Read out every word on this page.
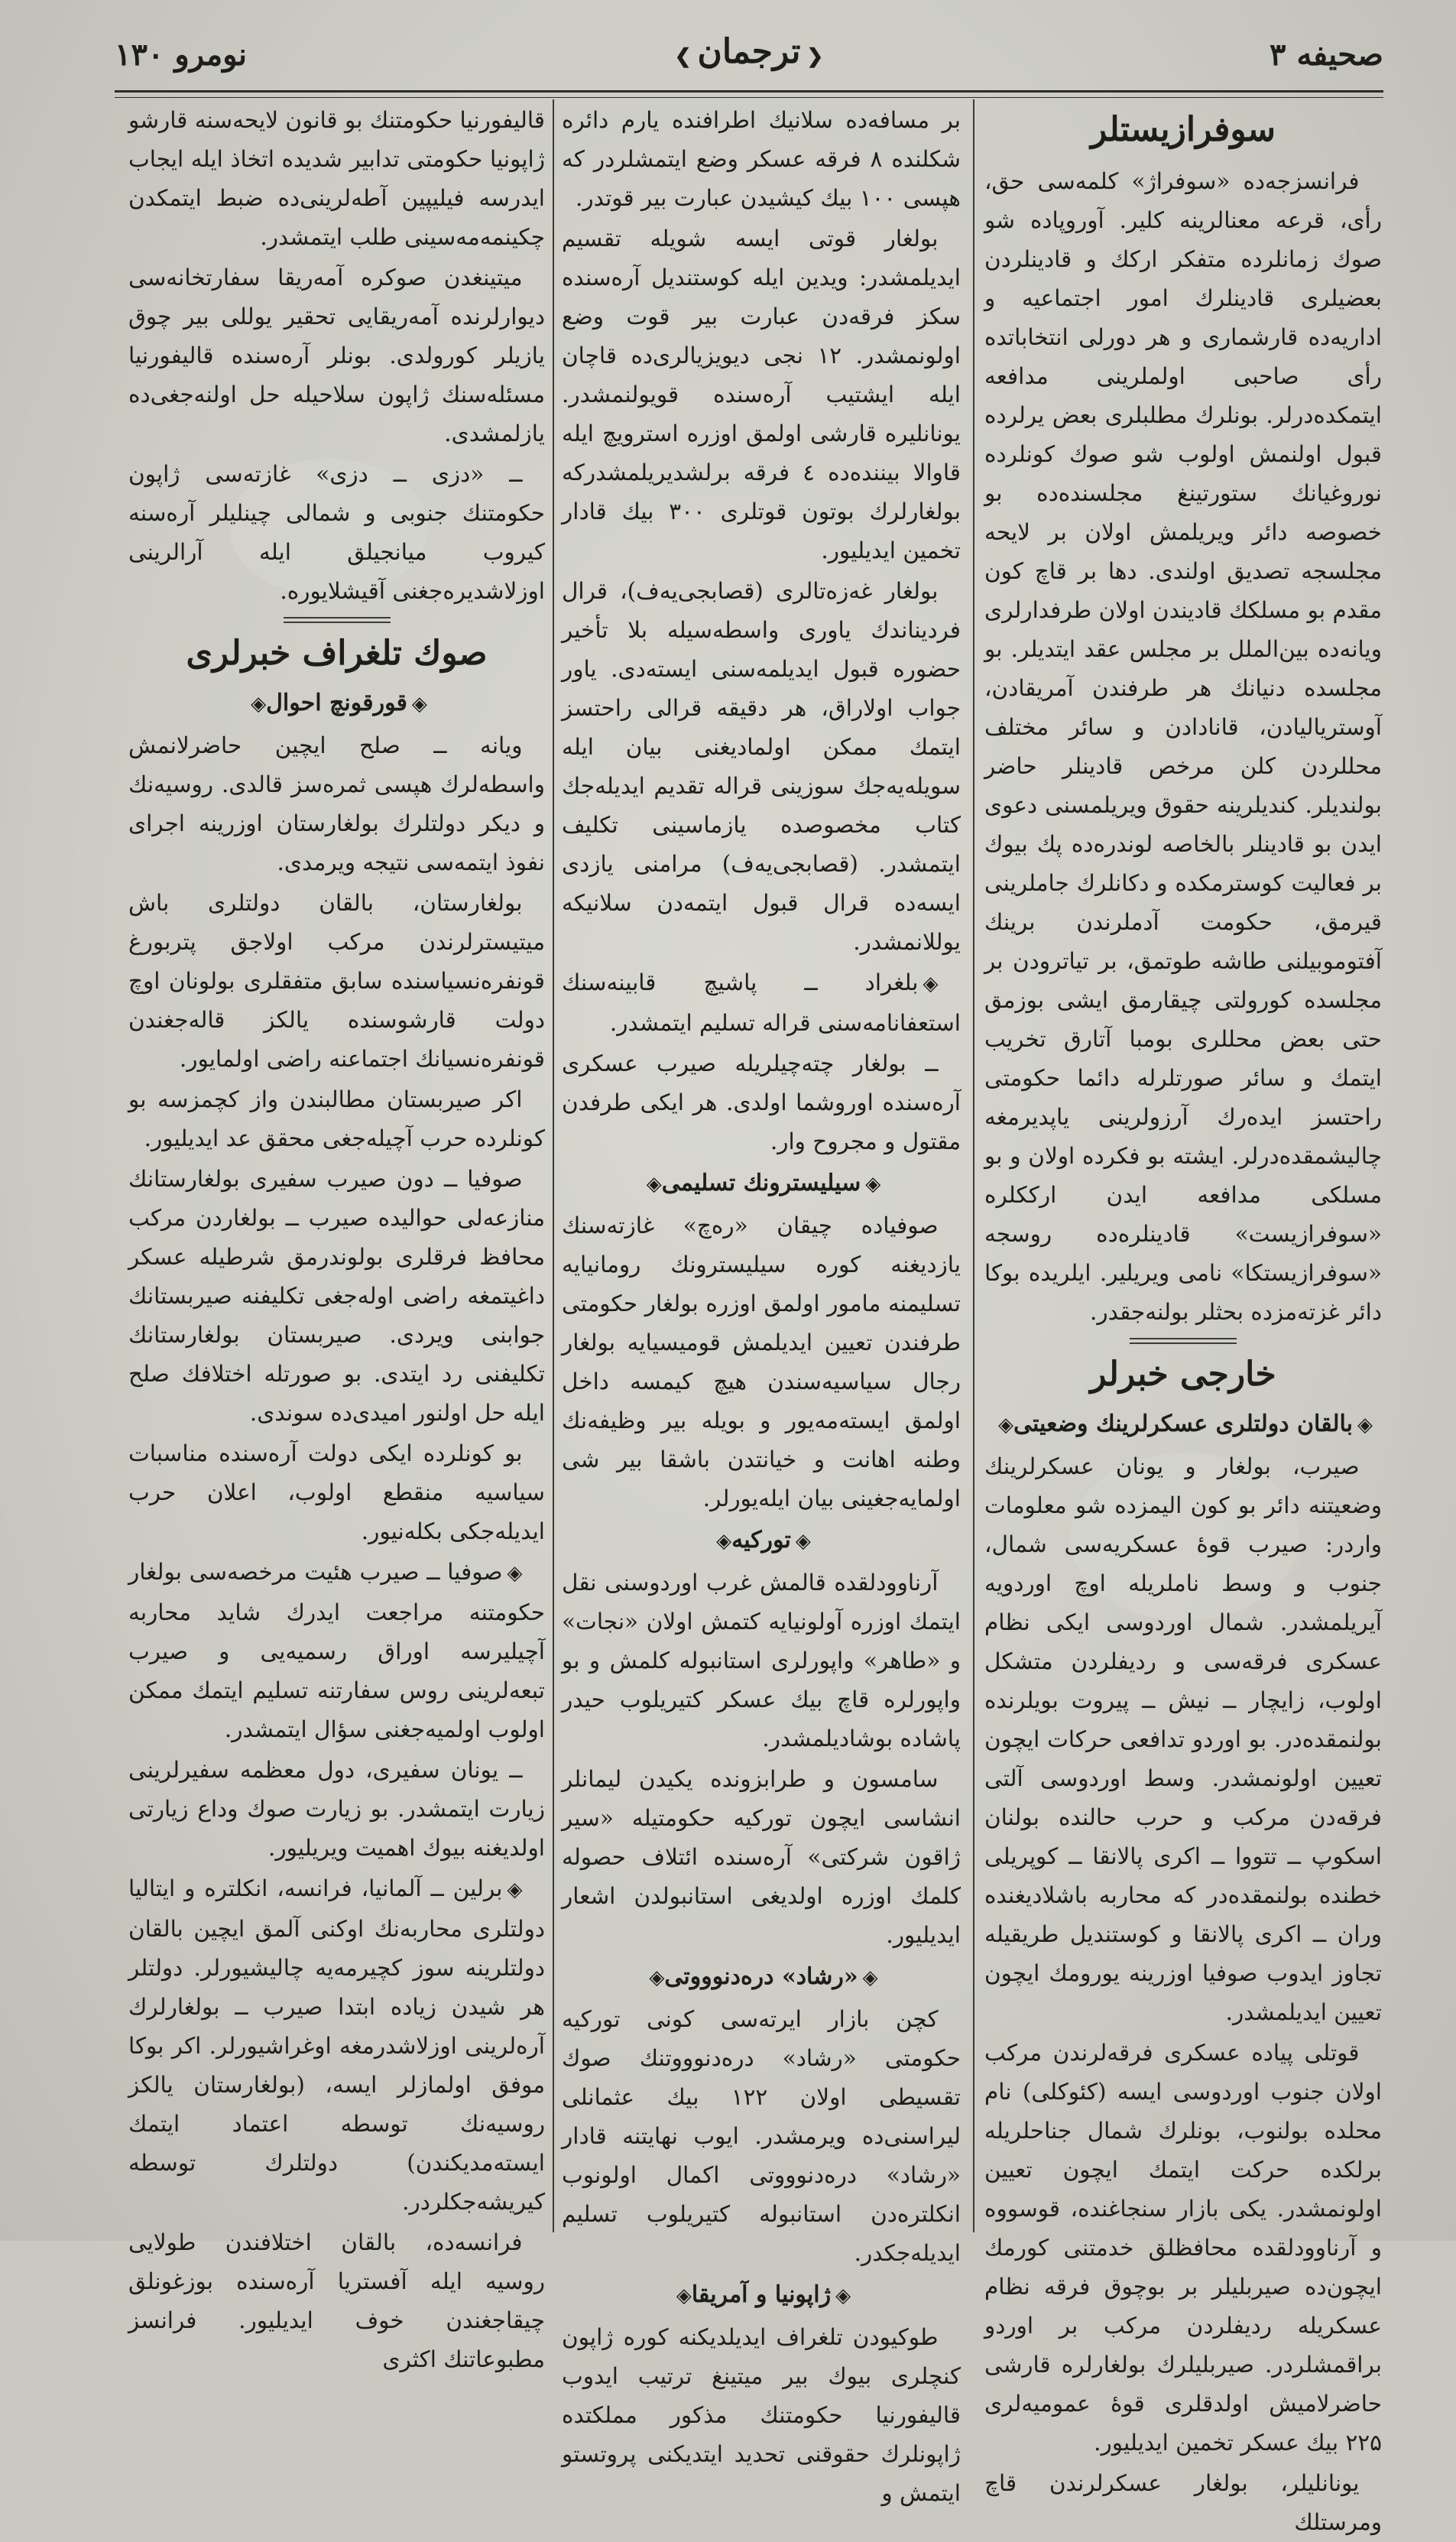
صحیفه ۳
❮ترجمان❯
نومرو ۱۳۰
سوفرازیستلر

فرانسزجه‌ده «سوفراژ» کلمه‌سی حق، رأی، قرعه معنالرینه کلیر. آوروپاده شو صوك زمانلرده متفکر ارکك و قادینلردن بعضیلری قادینلرك امور اجتماعیه و اداریه‌ده قارشماری و هر دورلی انتخاباتده رأی صاحبی اولملرینی مدافعه ایتمکده‌درلر. بونلرك مطلبلری بعض یرلرده قبول اولنمش اولوب شو صوك کونلرده نوروغیانك ستورتینغ مجلسنده‌ده بو خصوصه دائر ویریلمش اولان بر لایحه مجلسجه تصدیق اولندی. دها بر قاچ کون مقدم بو مسلکك قادیندن اولان طرفدارلری ویانه‌ده بین‌الملل بر مجلس عقد ایتدیلر. بو مجلسده دنیانك هر طرفندن آمریقادن، آوستریالیادن، قانادادن و سائر مختلف محللردن کلن مرخص قادینلر حاضر بولندیلر. کندیلرینه حقوق ویریلمسنی دعوی ایدن بو قادینلر بالخاصه لوندره‌ده پك بیوك بر فعالیت کوسترمکده و دکانلرك جاملرینی قیرمق، حکومت آدملرندن برینك آفتوموبیلنی طاشه طوتمق، بر تیاترودن بر مجلسده کورولتی چیقارمق ایشی بوزمق حتی بعض محللری بومبا آتارق تخریب ایتمك و سائر صورتلرله دائما حکومتی راحتسز ایده‌رك آرزولرینی یاپدیرمغه چالیشمقده‌درلر. ایشته بو فکرده اولان و بو مسلکی مدافعه ایدن ارککلره «سوفرازیست» قادینلره‌ده روسجه «سوفرازیستکا» نامی ویریلیر. ایلریده بوکا دائر غزته‌مزده بحثلر بولنه‌جقدر.

خارجی خبرلر
◈بالقان دولتلری عسکرلرینك وضعیتی◈

صیرب، بولغار و یونان عسکرلرینك وضعیتنه دائر بو کون الیمزده شو معلومات واردر: صیرب قوۀ عسکریه‌سی شمال، جنوب و وسط ناملریله اوچ اوردویه آیریلمشدر. شمال اوردوسی ایکی نظام عسکری فرقه‌سی و ردیفلردن متشکل اولوب، زایچار ــ نیش ــ پیروت بویلرنده بولنمقده‌در. بو اوردو تدافعی حرکات ایچون تعیین اولونمشدر. وسط اوردوسی آلتی فرقه‌دن مرکب و حرب حالنده بولنان اسکوپ ــ تتووا ــ اکری پالانقا ــ کوپریلی خطنده بولنمقده‌در که محاربه باشلادیغنده وران ــ اکری پالانقا و کوستندیل طریقیله تجاوز ایدوب صوفیا اوزرینه یورومك ایچون تعیین ایدیلمشدر.

قوتلی پیاده عسکری فرقه‌لرندن مرکب اولان جنوب اوردوسی ایسه (کئوکلی) نام محلده بولنوب، بونلرك شمال جناحلریله برلکده حرکت ایتمك ایچون تعیین اولونمشدر. یکی بازار سنجاغنده، قوسووه و آرناوودلقده محافظلق خدمتنی کورمك ایچون‌ده صیربلیلر بر بوچوق فرقه نظام عسکریله ردیفلردن مرکب بر اوردو براقمشلردر. صیربلیلرك بولغارلره قارشی حاضرلامیش اولدقلری قوۀ عمومیه‌لری ۲۲۵ بیك عسکر تخمین ایدیلیور.

یونانلیلر، بولغار عسکرلرندن قاچ ومرستلك

بر مسافه‌ده سلانیك اطرافنده یارم دائره شکلنده ۸ فرقه عسکر وضع ایتمشلردر که هپسی ۱۰۰ بیك کیشیدن عبارت بیر قوتدر.

بولغار قوتی ایسه شویله تقسیم ایدیلمشدر: ویدین ایله کوستندیل آره‌سنده سکز فرقه‌دن عبارت بیر قوت وضع اولونمشدر. ۱۲ نجی دیویزیالری‌ده قاچان ایله ایشتیب آره‌سنده قویولنمشدر. یونانلیره قارشی اولمق اوزره استرویچ ایله قاوالا بیننده‌ده ٤ فرقه برلشدیریلمشدرکه بولغارلرك بوتون قوتلری ۳۰۰ بیك قادار تخمین ایدیلیور.

بولغار غه‌زه‌‌تالری (قصابجی‌یه‌ف)، قرال فردیناندك یاوری واسطه‌سیله بلا تأخیر حضوره قبول ایدیلمه‌سنی ایسته‌دی. یاور جواب اولاراق، هر دقیقه قرالی راحتسز ایتمك ممکن اولمادیغنی بیان ایله سویله‌یه‌جك سوزینی قراله تقدیم ایدیله‌جك کتاب مخصوصده یازماسینی تکلیف ایتمشدر. (قصابجی‌یه‌ف) مرامنی یازدی ایسه‌ده قرال قبول ایتمه‌دن سلانیکه یوللانمشدر.

◈بلغراد ــ پاشیچ قابینه‌سنك استعفانامه‌سنی قراله تسلیم ایتمشدر.

ــ بولغار چته‌چیلریله صیرب عسکری آره‌سنده اوروشما اولدی. هر ایکی طرفدن مقتول و مجروح وار.

◈سیلیسترونك تسلیمی◈

صوفیاده چیقان «ره‌چ» غازته‌سنك یازدیغنه کوره سیلیسترونك رومانیایه تسلیمنه مامور اولمق اوزره بولغار حکومتی طرفندن تعیین ایدیلمش قومیسیایه بولغار رجال سیاسیه‌سندن هیچ کیمسه داخل اولمق ایسته‌مه‌یور و بویله بیر وظیفه‌نك وطنه اهانت و خیانتدن باشقا بیر شی اولمایه‌جغینی بیان ایله‌یورلر.

◈تورکیه◈

آرناوودلقده قالمش غرب اوردوسنی نقل ایتمك اوزره آولونیایه کتمش اولان «نجات» و «طاهر» واپورلری استانبوله کلمش و بو واپورلره قاچ بیك عسکر کتیریلوب حیدر پاشاده بوشادیلمشدر.

سامسون و طرابزونده یکیدن لیمانلر انشاسی ایچون تورکیه حکومتیله «سیر ژاقون شرکتی» آره‌سنده ائتلاف حصوله کلمك اوزره اولدیغی استانبولدن اشعار ایدیلیور.

◈«رشاد» دره‌دنوووتی◈

کچن بازار ایرته‌سی کونی تورکیه حکومتی «رشاد» دره‌دنوووتنك صوك تقسیطی اولان ۱۲۲ بیك عثمانلی لیراسنی‌ده ویرمشدر. ایوب نهایتنه قادار «رشاد» دره‌دنوووتی اکمال اولونوب انکلتره‌دن استانبوله کتیریلوب تسلیم ایدیله‌جکدر.

◈ژاپونیا و آمریقا◈

طوکیودن تلغراف ایدیلدیکنه کوره ژاپون کنچلری بیوك بیر میتینغ ترتیب ایدوب قالیفورنیا حکومتنك مذکور مملکتده ژاپونلرك حقوقنی تحدید ایتدیکنی پروتستو ایتمش و

قالیفورنیا حکومتنك بو قانون لایحه‌سنه قارشو ژاپونیا حکومتی تدابیر شدیده اتخاذ ایله ایجاب ایدرسه فیلیپین آطه‌لرینی‌ده ضبط ایتمکدن چکینمه‌مه‌سینی طلب ایتمشدر.

میتینغدن صوکره آمه‌ریقا سفارتخانه‌سی دیوارلرنده آمه‌ریقایی تحقیر یوللی بیر چوق یازیلر کورولدی. بونلر آره‌سنده قالیفورنیا مسئله‌سنك ژاپون سلاحیله حل اولنه‌جغی‌ده یازلمشدی.

ــ «دزی ــ دزی» غازته‌سی ژاپون حکومتنك جنوبی و شمالی چینلیلر آره‌سنه کیروب میانجیلق ایله آرالرینی اوزلاشدیره‌جغنی آقیشلایوره.

صوك تلغراف خبرلری
◈قورقونچ احوال◈

ویانه ــ صلح ایچین حاضرلانمش واسطه‌لرك هپسی ثمره‌سز قالدی. روسیه‌نك و دیکر دولتلرك بولغارستان اوزرینه اجرای نفوذ ایتمه‌سی نتیجه ویرمدی.

بولغارستان، بالقان دولتلری باش میتیسترلرندن مرکب اولاجق پتربورغ قونفره‌نسیاسنده سابق متفقلری بولونان اوچ دولت قارشوسنده یالکز قاله‌جغندن قونفره‌نسیانك اجتماعنه راضی اولمایور.

اکر صیربستان مطالبندن واز کچمزسه بو کونلرده حرب آچیله‌جغی محقق عد ایدیلیور.

صوفیا ــ دون صیرب سفیری بولغارستانك منازعه‌لی حوالیده صیرب ــ بولغاردن مرکب محافظ فرقلری بولوندرمق شرطیله عسکر داغیتمغه راضی اوله‌جغی تکلیفنه صیربستانك جوابنی ویردی. صیربستان بولغارستانك تکلیفنی رد ایتدی. بو صورتله اختلافك صلح ایله حل اولنور امیدی‌ده سوندی.

بو کونلرده ایکی دولت آره‌سنده مناسبات سیاسیه منقطع اولوب، اعلان حرب ایدیله‌جکی بکله‌نیور.

◈صوفیا ــ صیرب هئیت مرخصه‌سی بولغار حکومتنه مراجعت ایدرك شاید محاربه آچیلیرسه اوراق رسمیه‌یی و صیرب تبعه‌لرینی روس سفارتنه تسلیم ایتمك ممکن اولوب اولمیه‌جغنی سؤال ایتمشدر.

ــ یونان سفیری، دول معظمه سفیرلرینی زیارت ایتمشدر. بو زیارت صوك وداع زیارتی اولدیغنه بیوك اهمیت ویریلیور.

◈برلین ــ آلمانیا، فرانسه، انکلتره و ایتالیا دولتلری محاربه‌نك اوکنی آلمق ایچین بالقان دولتلرینه سوز کچیرمه‌یه چالیشیورلر. دولتلر هر شیدن زیاده ابتدا صیرب ــ بولغارلرك آره‌لرینی اوزلاشدرمغه اوغراشیورلر. اکر بوکا موفق اولمازلر ایسه، (بولغارستان یالکز روسیه‌نك توسطه اعتماد ایتمك ایسته‌مدیکندن) دولتلرك توسطه کیریشه‌جکلردر.

فرانسه‌ده، بالقان اختلافندن طولایی روسیه ایله آفستریا آره‌سنده بوزغونلق چیقاجغندن خوف ایدیلیور. فرانسز مطبوعاتنك اکثری
